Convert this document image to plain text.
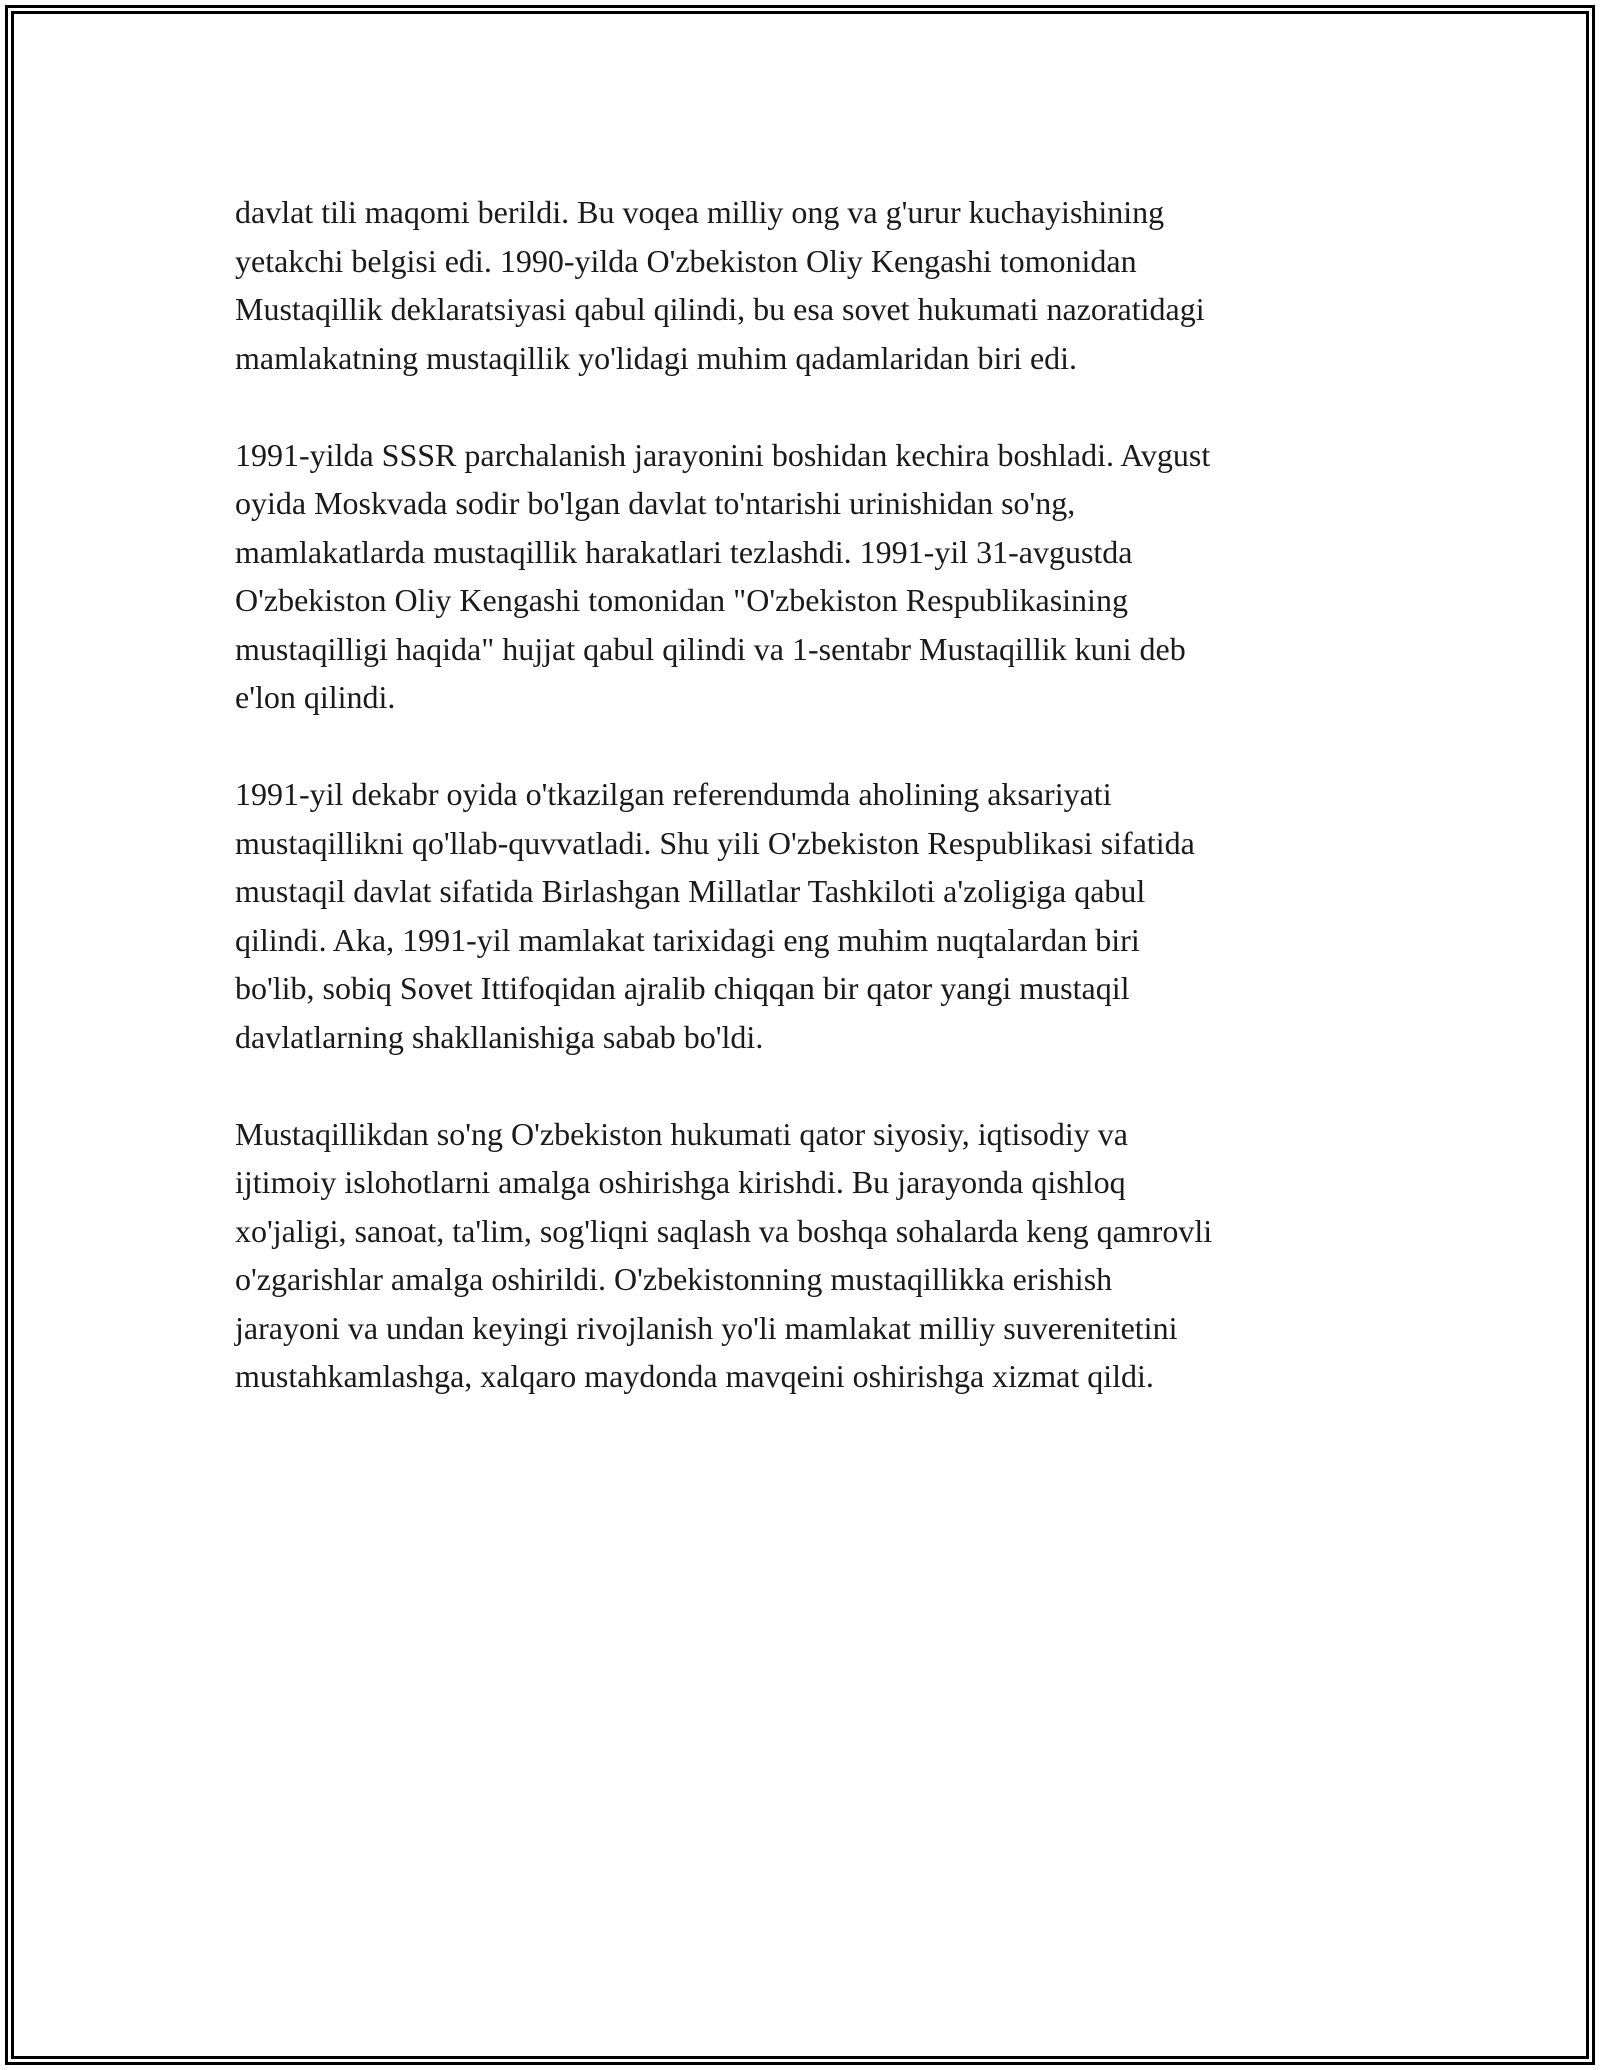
davlat tili maqomi berildi. Bu voqea milliy ong va g'urur kuchayishining
yetakchi belgisi edi. 1990-yilda O'zbekiston Oliy Kengashi tomonidan
Mustaqillik deklaratsiyasi qabul qilindi, bu esa sovet hukumati nazoratidagi
mamlakatning mustaqillik yo'lidagi muhim qadamlaridan biri edi.

1991-yilda SSSR parchalanish jarayonini boshidan kechira boshladi. Avgust
oyida Moskvada sodir bo'lgan davlat to'ntarishi urinishidan so'ng,
mamlakatlarda mustaqillik harakatlari tezlashdi. 1991-yil 31-avgustda
O'zbekiston Oliy Kengashi tomonidan "O'zbekiston Respublikasining
mustaqilligi haqida" hujjat qabul qilindi va 1-sentabr Mustaqillik kuni deb
e'lon qilindi.

1991-yil dekabr oyida o'tkazilgan referendumda aholining aksariyati
mustaqillikni qo'llab-quvvatladi. Shu yili O'zbekiston Respublikasi sifatida
mustaqil davlat sifatida Birlashgan Millatlar Tashkiloti a'zoligiga qabul
qilindi. Aka, 1991-yil mamlakat tarixidagi eng muhim nuqtalardan biri
bo'lib, sobiq Sovet Ittifoqidan ajralib chiqqan bir qator yangi mustaqil
davlatlarning shakllanishiga sabab bo'ldi.

Mustaqillikdan so'ng O'zbekiston hukumati qator siyosiy, iqtisodiy va
ijtimoiy islohotlarni amalga oshirishga kirishdi. Bu jarayonda qishloq
xo'jaligi, sanoat, ta'lim, sog'liqni saqlash va boshqa sohalarda keng qamrovli
o'zgarishlar amalga oshirildi. O'zbekistonning mustaqillikka erishish
jarayoni va undan keyingi rivojlanish yo'li mamlakat milliy suverenitetini
mustahkamlashga, xalqaro maydonda mavqeini oshirishga xizmat qildi.
